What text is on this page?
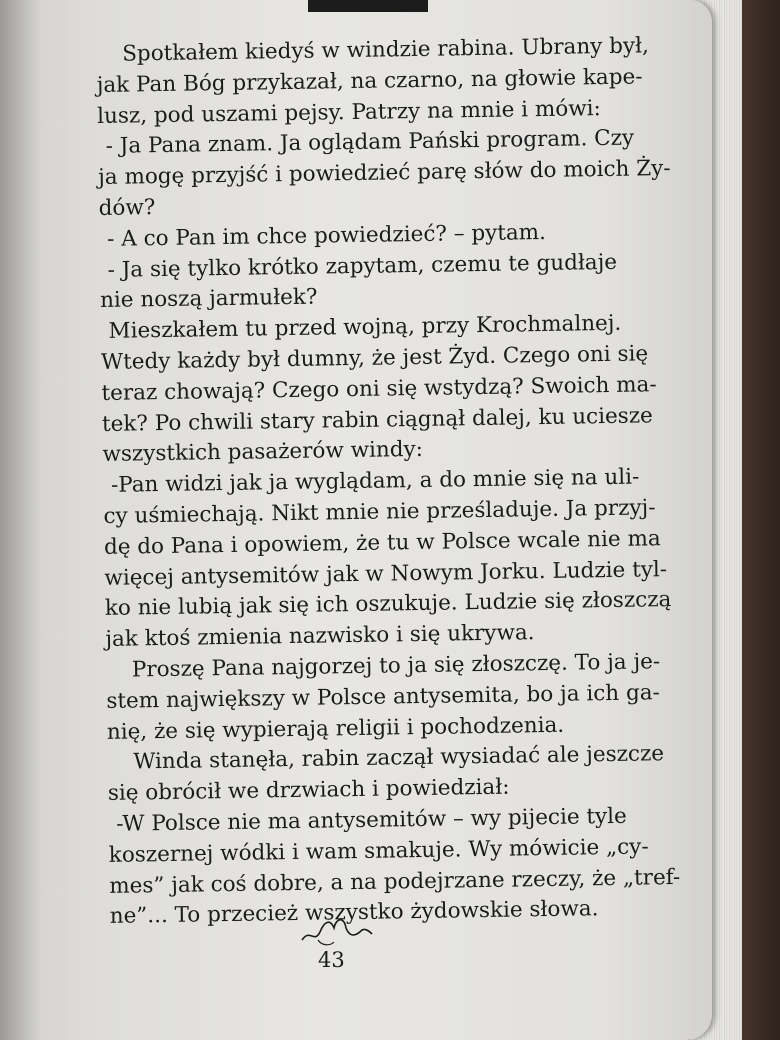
Spotkałem kiedyś w windzie rabina. Ubrany był,
jak Pan Bóg przykazał, na czarno, na głowie kape-
lusz, pod uszami pejsy. Patrzy na mnie i mówi:
- Ja Pana znam. Ja oglądam Pański program. Czy
ja mogę przyjść i powiedzieć parę słów do moich Ży-
dów?
- A co Pan im chce powiedzieć? – pytam.
- Ja się tylko krótko zapytam, czemu te gudłaje
nie noszą jarmułek?
Mieszkałem tu przed wojną, przy Krochmalnej.
Wtedy każdy był dumny, że jest Żyd. Czego oni się
teraz chowają? Czego oni się wstydzą? Swoich ma-
tek? Po chwili stary rabin ciągnął dalej, ku uciesze
wszystkich pasażerów windy:
-Pan widzi jak ja wyglądam, a do mnie się na uli-
cy uśmiechają. Nikt mnie nie prześladuje. Ja przyj-
dę do Pana i opowiem, że tu w Polsce wcale nie ma
więcej antysemitów jak w Nowym Jorku. Ludzie tyl-
ko nie lubią jak się ich oszukuje. Ludzie się złoszczą
jak ktoś zmienia nazwisko i się ukrywa.
Proszę Pana najgorzej to ja się złoszczę. To ja je-
stem największy w Polsce antysemita, bo ja ich ga-
nię, że się wypierają religii i pochodzenia.
Winda stanęła, rabin zaczął wysiadać ale jeszcze
się obrócił we drzwiach i powiedział:
-W Polsce nie ma antysemitów – wy pijecie tyle
koszernej wódki i wam smakuje. Wy mówicie „cy-
mes” jak coś dobre, a na podejrzane rzeczy, że „tref-
ne”... To przecież wszystko żydowskie słowa.
43
